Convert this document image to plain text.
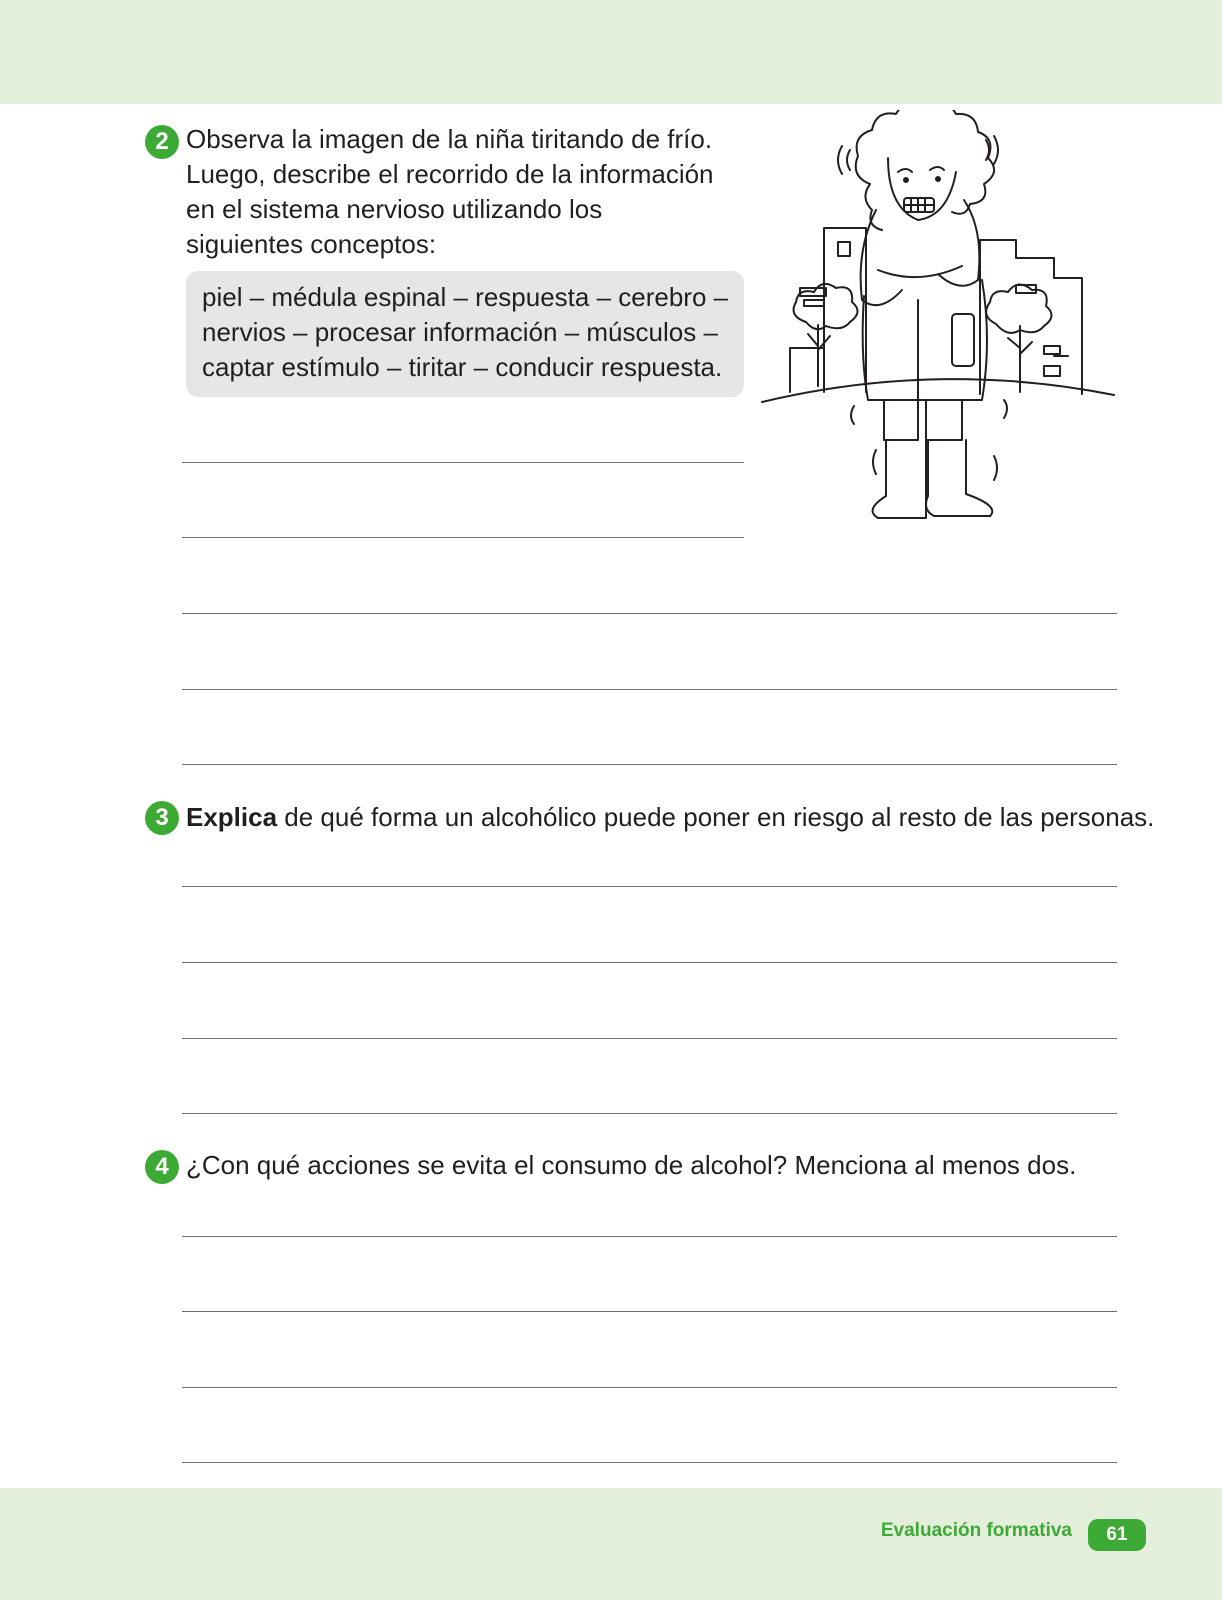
2 Observa la imagen de la niña tiritando de frío.
Luego, describe el recorrido de la información
en el sistema nervioso utilizando los
siguientes conceptos:
piel – médula espinal – respuesta – cerebro –
nervios – procesar información – músculos –
captar estímulo – tiritar – conducir respuesta.
3 Explica de qué forma un alcohólico puede poner en riesgo al resto de las personas.
4 ¿Con qué acciones se evita el consumo de alcohol? Menciona al menos dos.
Evaluación formativa	61
